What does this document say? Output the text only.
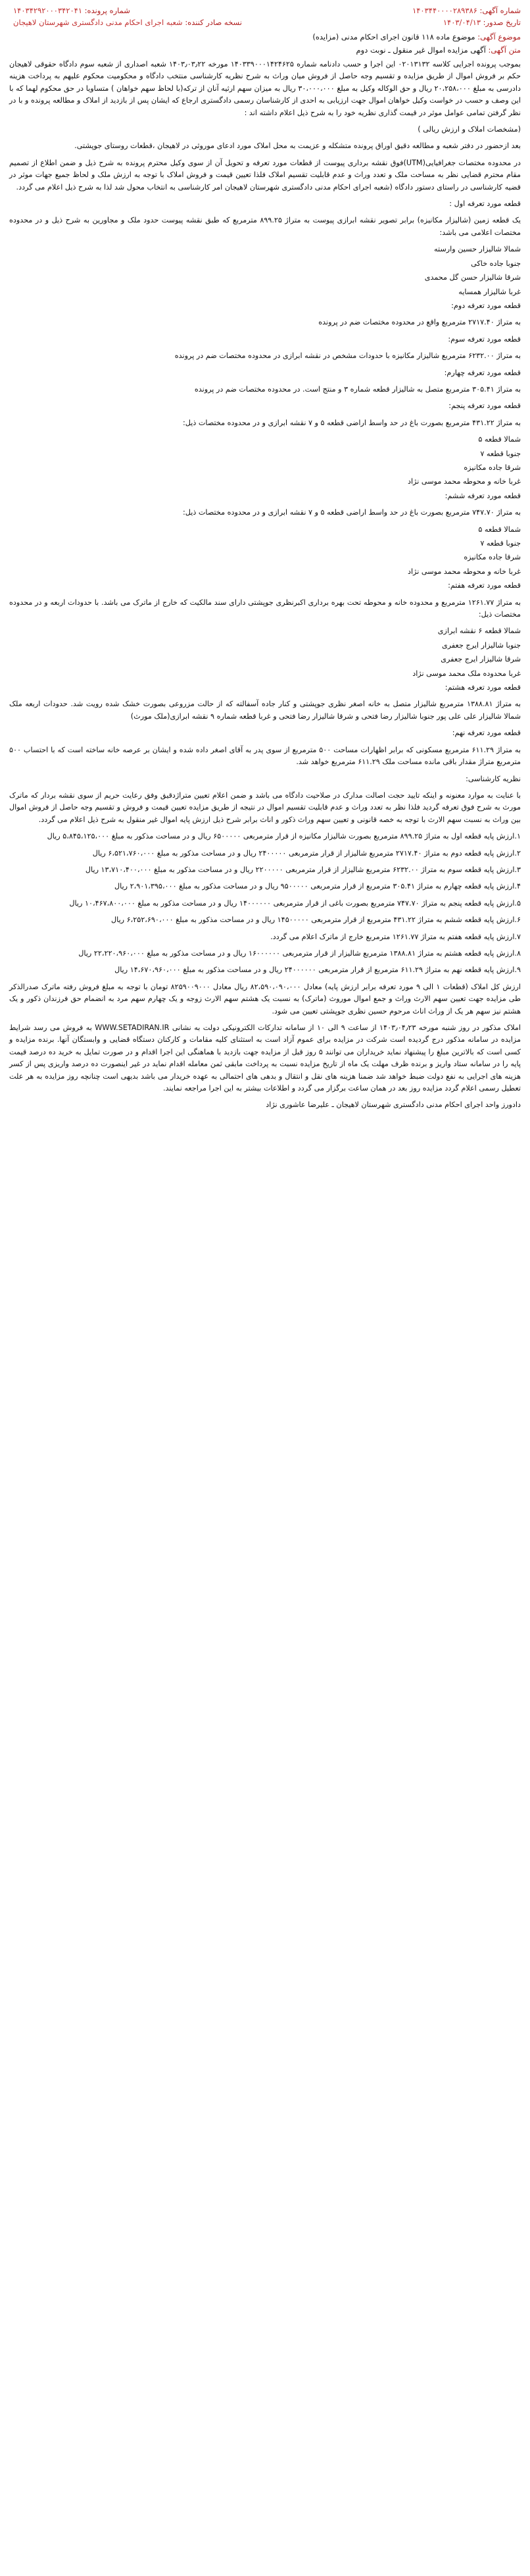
شماره آگهی: ۱۴۰۳۴۴۰۰۰۰۲۸۹۳۸۶
شماره پرونده: ۱۴۰۳۴۲۹۲۰۰۰۳۴۲۰۴۱
تاریخ صدور: ۱۴۰۳/۰۴/۱۳
نسخه صادر کننده: شعبه اجرای احکام مدنی دادگستری شهرستان لاهیجان
موضوع آگهی: موضوع ماده ۱۱۸ قانون اجرای احکام مدنی (مزایده)
متن آگهی: آگهی مزایده اموال غیر منقول ـ نوبت دوم

بموجب پرونده اجرایی کلاسه ۰۲۰۱۳۱۳۲ این اجرا و حسب دادنامه شماره ۱۴۰۳۳۹۰۰۰۱۴۲۴۶۲۵ مورخه ۱۴۰۳٫۰۳٫۲۲ شعبه اصداری از شعبه سوم دادگاه حقوقی لاهیجان حکم بر فروش اموال از طریق مزایده و تقسیم وجه حاصل از فروش میان وراث به شرح نظریه کارشناسی منتخب دادگاه و محکومیت محکوم علیهم به پرداخت هزینه دادرسی به مبلغ ۲۰،۲۵۸،۰۰۰ ریال و حق الوکاله وکیل به مبلغ ۳۰،۰۰۰،۰۰۰ ریال به میزان سهم ارثیه آنان از ترکه(با لحاظ سهم خواهان ) متساویا در حق محکوم لهما که با این وصف و حسب در خواست وکیل خواهان اموال جهت ارزیابی به احدی از کارشناسان رسمی دادگستری ارجاع که ایشان پس از بازدید از املاک و مطالعه پرونده و با در نظر گرفتن تمامی عوامل موثر در قیمت گذاری نظریه خود را به شرح ذیل اعلام داشته اند :

(مشخصات املاک و ارزش ریالی )

بعد ازحضور در دفتر شعبه و مطالعه دقیق اوراق پرونده متشکله و عزیمت به محل املاک مورد ادعای موروثی در لاهیجان ،قطعات روستای جوپشتی.

در محدوده مختصات جغرافیایی(UTM)فوق نقشه برداری پیوست از قطعات مورد تعرفه و تحویل آن از سوی وکیل محترم پرونده به شرح ذیل و ضمن اطلاع از تصمیم مقام محترم قضایی نظر به مساحت ملک و تعدد وراث و عدم قابلیت تقسیم املاک فلذا تعیین قیمت و فروش املاک با توجه به ارزش ملک و لحاظ جمیع جهات موثر در قضیه کارشناسی در راستای دستور دادگاه (شعبه اجرای احکام مدنی دادگستری شهرستان لاهیجان امر کارشناسی به انتخاب محول شد لذا به شرح ذیل اعلام می گردد.

قطعه مورد تعرفه اول :

یک قطعه زمین (شالیزار مکانیزه) برابر تصویر نقشه ابرازی پیوست به متراژ ۸۹۹.۲۵ مترمربع که طبق نقشه پیوست حدود ملک و مجاورین به شرح ذیل و در محدوده مختصات اعلامی می باشد:

شمالا شالیزار حسین وارسته

جنوبا جاده خاکی

شرقا شالیزار حسن گل محمدی

غربا شالیزار همسایه

قطعه مورد تعرفه دوم:

به متراژ ۲۷۱۷.۴۰ مترمربع واقع در محدوده مختصات ضم در پرونده

قطعه مورد تعرفه سوم:

به متراژ ۶۲۳۲.۰۰ مترمربع شالیزار مکانیزه با حدودات مشخص در نقشه ابرازی در محدوده مختصات ضم در پرونده

قطعه مورد تعرفه چهارم:

به متراژ ۳۰۵.۴۱ مترمربع متصل به شالیزار قطعه شماره ۳ و منتج است. در محدوده مختصات ضم در پرونده

قطعه مورد تعرفه پنجم:

به متراژ ۴۳۱.۲۲ مترمربع بصورت باغ در حد واسط اراضی قطعه ۵ و ۷ نقشه ابرازی و در محدوده مختصات ذیل:

شمالا قطعه ۵

جنوبا قطعه ۷

شرقا جاده مکانیزه

غربا خانه و محوطه محمد موسی نژاد

قطعه مورد تعرفه ششم:

به متراژ ۷۴۷.۷۰ مترمربع بصورت باغ در حد واسط اراضی قطعه ۵ و ۷ نقشه ابرازی و در محدوده مختصات ذیل:

شمالا قطعه ۵

جنوبا قطعه ۷

شرقا جاده مکانیزه

غربا خانه و محوطه محمد موسی نژاد

قطعه مورد تعرفه هفتم:

به متراژ ۱۲۶۱.۷۷ مترمربع و محدوده خانه و محوطه تحت بهره برداری اکبرنظری جوپشتی دارای سند مالکیت که خارج از ماترک می باشد. با حدودات اربعه و در محدوده مختصات ذیل:

شمالا قطعه ۶ نقشه ابرازی

جنوبا شالیزار ایرج جعفری

شرقا شالیزار ایرج جعفری

غربا محدوده ملک محمد موسی نژاد

قطعه مورد تعرفه هشتم:

به متراژ ۱۳۸۸.۸۱ مترمربع شالیزار متصل به خانه اصغر نظری جوپشتی و کنار جاده آسفالته که از حالت مزروعی بصورت خشک شده رویت شد. حدودات اربعه ملک شمالا شالیزار علی علی پور جنوبا شالیزار رضا فتحی و شرقا شالیزار رضا فتحی و غربا قطعه شماره ۹ نقشه ابرازی(ملک مورث)

قطعه مورد تعرفه نهم:

به متراژ ۶۱۱.۲۹ مترمربع مسکونی که برابر اظهارات مساحت ۵۰۰ مترمربع از سوی پدر به آقای اصغر داده شده و ایشان بر عرصه خانه ساخته است که با احتساب ۵۰۰ مترمربع متراژ مقدار باقی مانده مساحت ملک ۶۱۱.۲۹ مترمربع خواهد شد.

نظریه کارشناسی:

با عنایت به موارد معنونه و اینکه تایید حجت اصالت مدارک در صلاحیت دادگاه می باشد و ضمن اعلام تعیین متراژدقیق وفق رعایت حریم از سوی نقشه بردار که ماترک مورث به شرح فوق تعرفه گردید فلذا نظر به تعدد وراث و عدم قابلیت تقسیم اموال در نتیجه از طریق مزایده تعیین قیمت و فروش و تقسیم وجه حاصل از فروش اموال بین وراث به نسبت سهم الارث با توجه به خصه قانونی و تعیین سهم وراث ذکور و اناث برابر شرح ذیل ارزش پایه اموال غیر منقول به شرح ذیل اعلام می گردد.

۱.ارزش پایه قطعه اول به متراژ ۸۹۹.۲۵ مترمربع بصورت شالیزار مکانیزه از قرار مترمربعی ۶۵۰۰۰۰۰ ریال و در مساحت مذکور به مبلغ ۵،۸۴۵،۱۲۵،۰۰۰ ریال

۲.ارزش پایه قطعه دوم به متراژ ۲۷۱۷.۴۰ مترمربع شالیزار از قرار مترمربعی ۲۴۰۰۰۰۰ ریال و در مساحت مذکور به مبلغ ۶،۵۲۱،۷۶۰،۰۰۰ ریال

۳.ارزش پایه قطعه سوم به متراژ ۶۲۳۲.۰۰ مترمربع شالیزار از قرار مترمربعی ۲۲۰۰۰۰۰ ریال و در مساحت مذکور به مبلغ ۱۳،۷۱۰،۴۰۰،۰۰۰ ریال

۴.ارزش پایه قطعه چهارم به متراژ ۳۰۵.۴۱ مترمربع از قرار مترمربعی ۹۵۰۰۰۰۰ ریال و در مساحت مذکور به مبلغ ۲،۹۰۱،۳۹۵،۰۰۰ ریال

۵.ارزش پایه قطعه پنجم به متراژ ۷۴۷.۷۰ مترمربع بصورت باغی از قرار مترمربعی ۱۴۰۰۰۰۰۰ ریال و در مساحت مذکور به مبلغ ۱۰،۴۶۷،۸۰۰،۰۰۰ ریال

۶.ارزش پایه قطعه ششم به متراژ ۴۳۱.۲۲ مترمربع از قرار مترمربعی ۱۴۵۰۰۰۰۰ ریال و در مساحت مذکور به مبلغ ۶،۲۵۲،۶۹۰،۰۰۰ ریال

۷.ارزش پایه قطعه هفتم به متراژ ۱۲۶۱.۷۷ مترمربع خارج از ماترک اعلام می گردد.

۸.ارزش پایه قطعه هشتم به متراژ ۱۳۸۸.۸۱ مترمربع شالیزار از قرار مترمربعی ۱۶۰۰۰۰۰۰ ریال و در مساحت مذکور به مبلغ ۲۲،۲۲۰،۹۶۰،۰۰۰ ریال

۹.ارزش پایه قطعه نهم به متراژ ۶۱۱.۲۹ مترمربع از قرار مترمربعی ۲۴۰۰۰۰۰۰ ریال و در مساحت مذکور به مبلغ ۱۴،۶۷۰،۹۶۰،۰۰۰ ریال

ارزش کل املاک (قطعات ۱ الی ۹ مورد تعرفه برابر ارزش پایه) معادل ۸۲،۵۹۰،۰۹۰،۰۰۰ ریال معادل ۸۲۵۹۰۰۹۰۰۰ تومان با توجه به مبلغ فروش رفته ماترک صدرالذکر طی مزایده جهت تعیین سهم الارث وراث و جمع اموال موروث (ماترک) به نسبت یک هشتم سهم الارث زوجه و یک چهارم سهم مرد به انضمام حق فرزندان ذکور و یک هشتم نیز سهم هر یک از وراث اناث مرحوم حسین نظری جوپشتی تعیین می شود.

املاک مذکور در روز شنبه مورخه ۱۴۰۳٫۰۴٫۲۳ از ساعت ۹ الی ۱۰ از سامانه تدارکات الکترونیکی دولت به نشانی WWW.SETADIRAN.IR به فروش می رسد شرایط مزایده در سامانه مذکور درج گردیده است شرکت در مزایده برای عموم آزاد است به استثنای کلیه مقامات و کارکنان دستگاه قضایی و وابستگان آنها. برنده مزایده و کسی است که بالاترین مبلغ را پیشنهاد نماید خریداران می توانند ۵ روز قبل از مزایده جهت بازدید با هماهنگی این اجرا اقدام و در صورت تمایل به خرید ده درصد قیمت پایه را در سامانه ستاد واریز و برنده ظرف مهلت یک ماه از تاریخ مزایده نسبت به پرداخت مابقی ثمن معامله اقدام نماید در غیر اینصورت ده درصد واریزی پس از کسر هزینه های اجرایی به نفع دولت ضبط خواهد شد ضمنا هزینه های نقل و انتقال و بدهی های احتمالی به عهده خریدار می باشد بدیهی است چنانچه روز مزایده به هر علت تعطیل رسمی اعلام گردد مزایده روز بعد در همان ساعت برگزار می گردد و اطلاعات بیشتر به این اجرا مراجعه نمایند.

دادورز واحد اجرای احکام مدنی دادگستری شهرستان لاهیجان ـ علیرضا عاشوری نژاد
